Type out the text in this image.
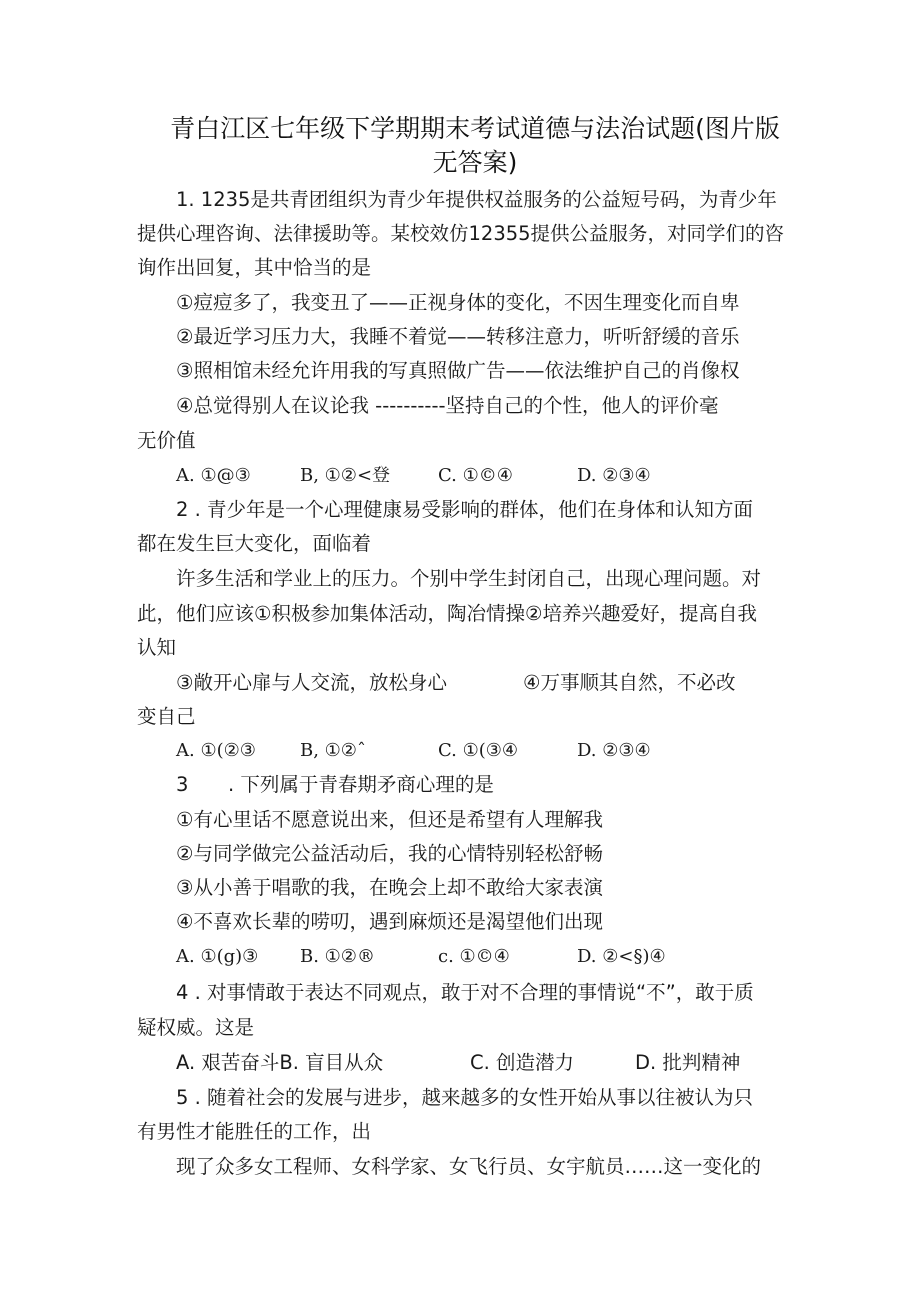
青白江区七年级下学期期末考试道德与法治试题(图片版
无答案)
1. 1235是共青团组织为青少年提供权益服务的公益短号码，为青少年
提供心理咨询、法律援助等。某校效仿12355提供公益服务，对同学们的咨
询作出回复，其中恰当的是
①痘痘多了，我变丑了——正视身体的变化，不因生理变化而自卑
②最近学习压力大，我睡不着觉——转移注意力，听听舒缓的音乐
③照相馆未经允许用我的写真照做广告——依法维护自己的肖像权
④总觉得别人在议论我 ----------坚持自己的个性，他人的评价毫
无价值
A. ①@③	B, ①②<登	C. ①©④	D. ②③④
2 . 青少年是一个心理健康易受影响的群体，他们在身体和认知方面
都在发生巨大变化，面临着
许多生活和学业上的压力。个别中学生封闭自己，出现心理问题。对
此，他们应该①积极参加集体活动，陶冶情操②培养兴趣爱好，提高自我
认知
③敞开心扉与人交流，放松身心	④万事顺其自然，不必改
变自己
A. ①(②③ B, ①②ˆ	C. ①(③④	D. ②③④
3 . 下列属于青春期矛商心理的是
①有心里话不愿意说出来，但还是希望有人理解我
②与同学做完公益活动后，我的心情特别轻松舒畅
③从小善于唱歌的我，在晚会上却不敢给大家表演
④不喜欢长辈的唠叨，遇到麻烦还是渴望他们出现
A. ①(g)③ B. ①②®	c. ①©④	D. ②<§)④
4 . 对事情敢于表达不同观点，敢于对不合理的事情说“不”，敢于质
疑权威。这是
A. 艰苦奋斗B. 盲目从众	C. 创造潜力	D. 批判精神
5 . 随着社会的发展与进步，越来越多的女性开始从事以往被认为只
有男性才能胜任的工作，出
现了众多女工程师、女科学家、女飞行员、女宇航员……这一变化的
